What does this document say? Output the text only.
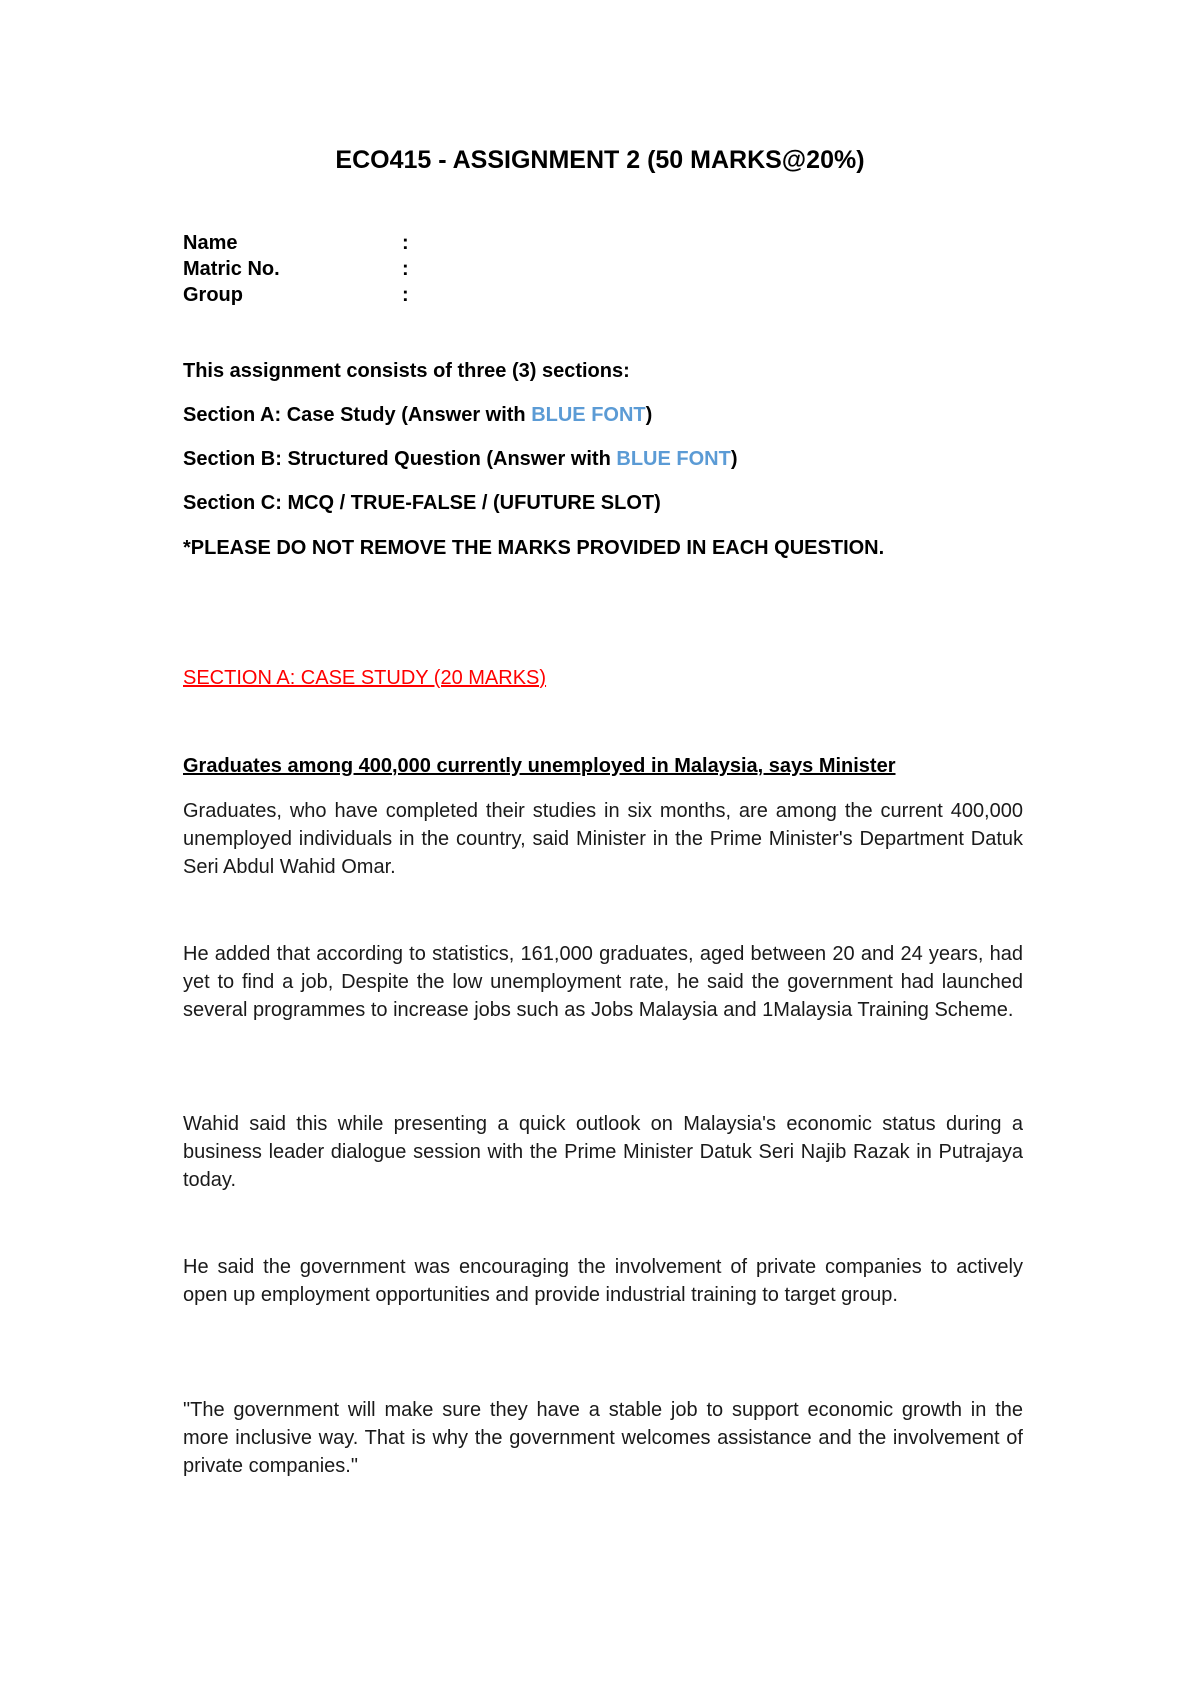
ECO415 - ASSIGNMENT 2 (50 MARKS@20%)
Name	:
Matric No.	:
Group	:
This assignment consists of three (3) sections:
Section A: Case Study (Answer with BLUE FONT)
Section B: Structured Question (Answer with BLUE FONT)
Section C: MCQ / TRUE-FALSE / (UFUTURE SLOT)
*PLEASE DO NOT REMOVE THE MARKS PROVIDED IN EACH QUESTION.
SECTION A: CASE STUDY (20 MARKS)
Graduates among 400,000 currently unemployed in Malaysia, says Minister
Graduates, who have completed their studies in six months, are among the current 400,000 unemployed individuals in the country, said Minister in the Prime Minister's Department Datuk Seri Abdul Wahid Omar.
He added that according to statistics, 161,000 graduates, aged between 20 and 24 years, had yet to find a job, Despite the low unemployment rate, he said the government had launched several programmes to increase jobs such as Jobs Malaysia and 1Malaysia Training Scheme.
Wahid said this while presenting a quick outlook on Malaysia's economic status during a business leader dialogue session with the Prime Minister Datuk Seri Najib Razak in Putrajaya today.
He said the government was encouraging the involvement of private companies to actively open up employment opportunities and provide industrial training to target group.
"The government will make sure they have a stable job to support economic growth in the more inclusive way. That is why the government welcomes assistance and the involvement of private companies."
